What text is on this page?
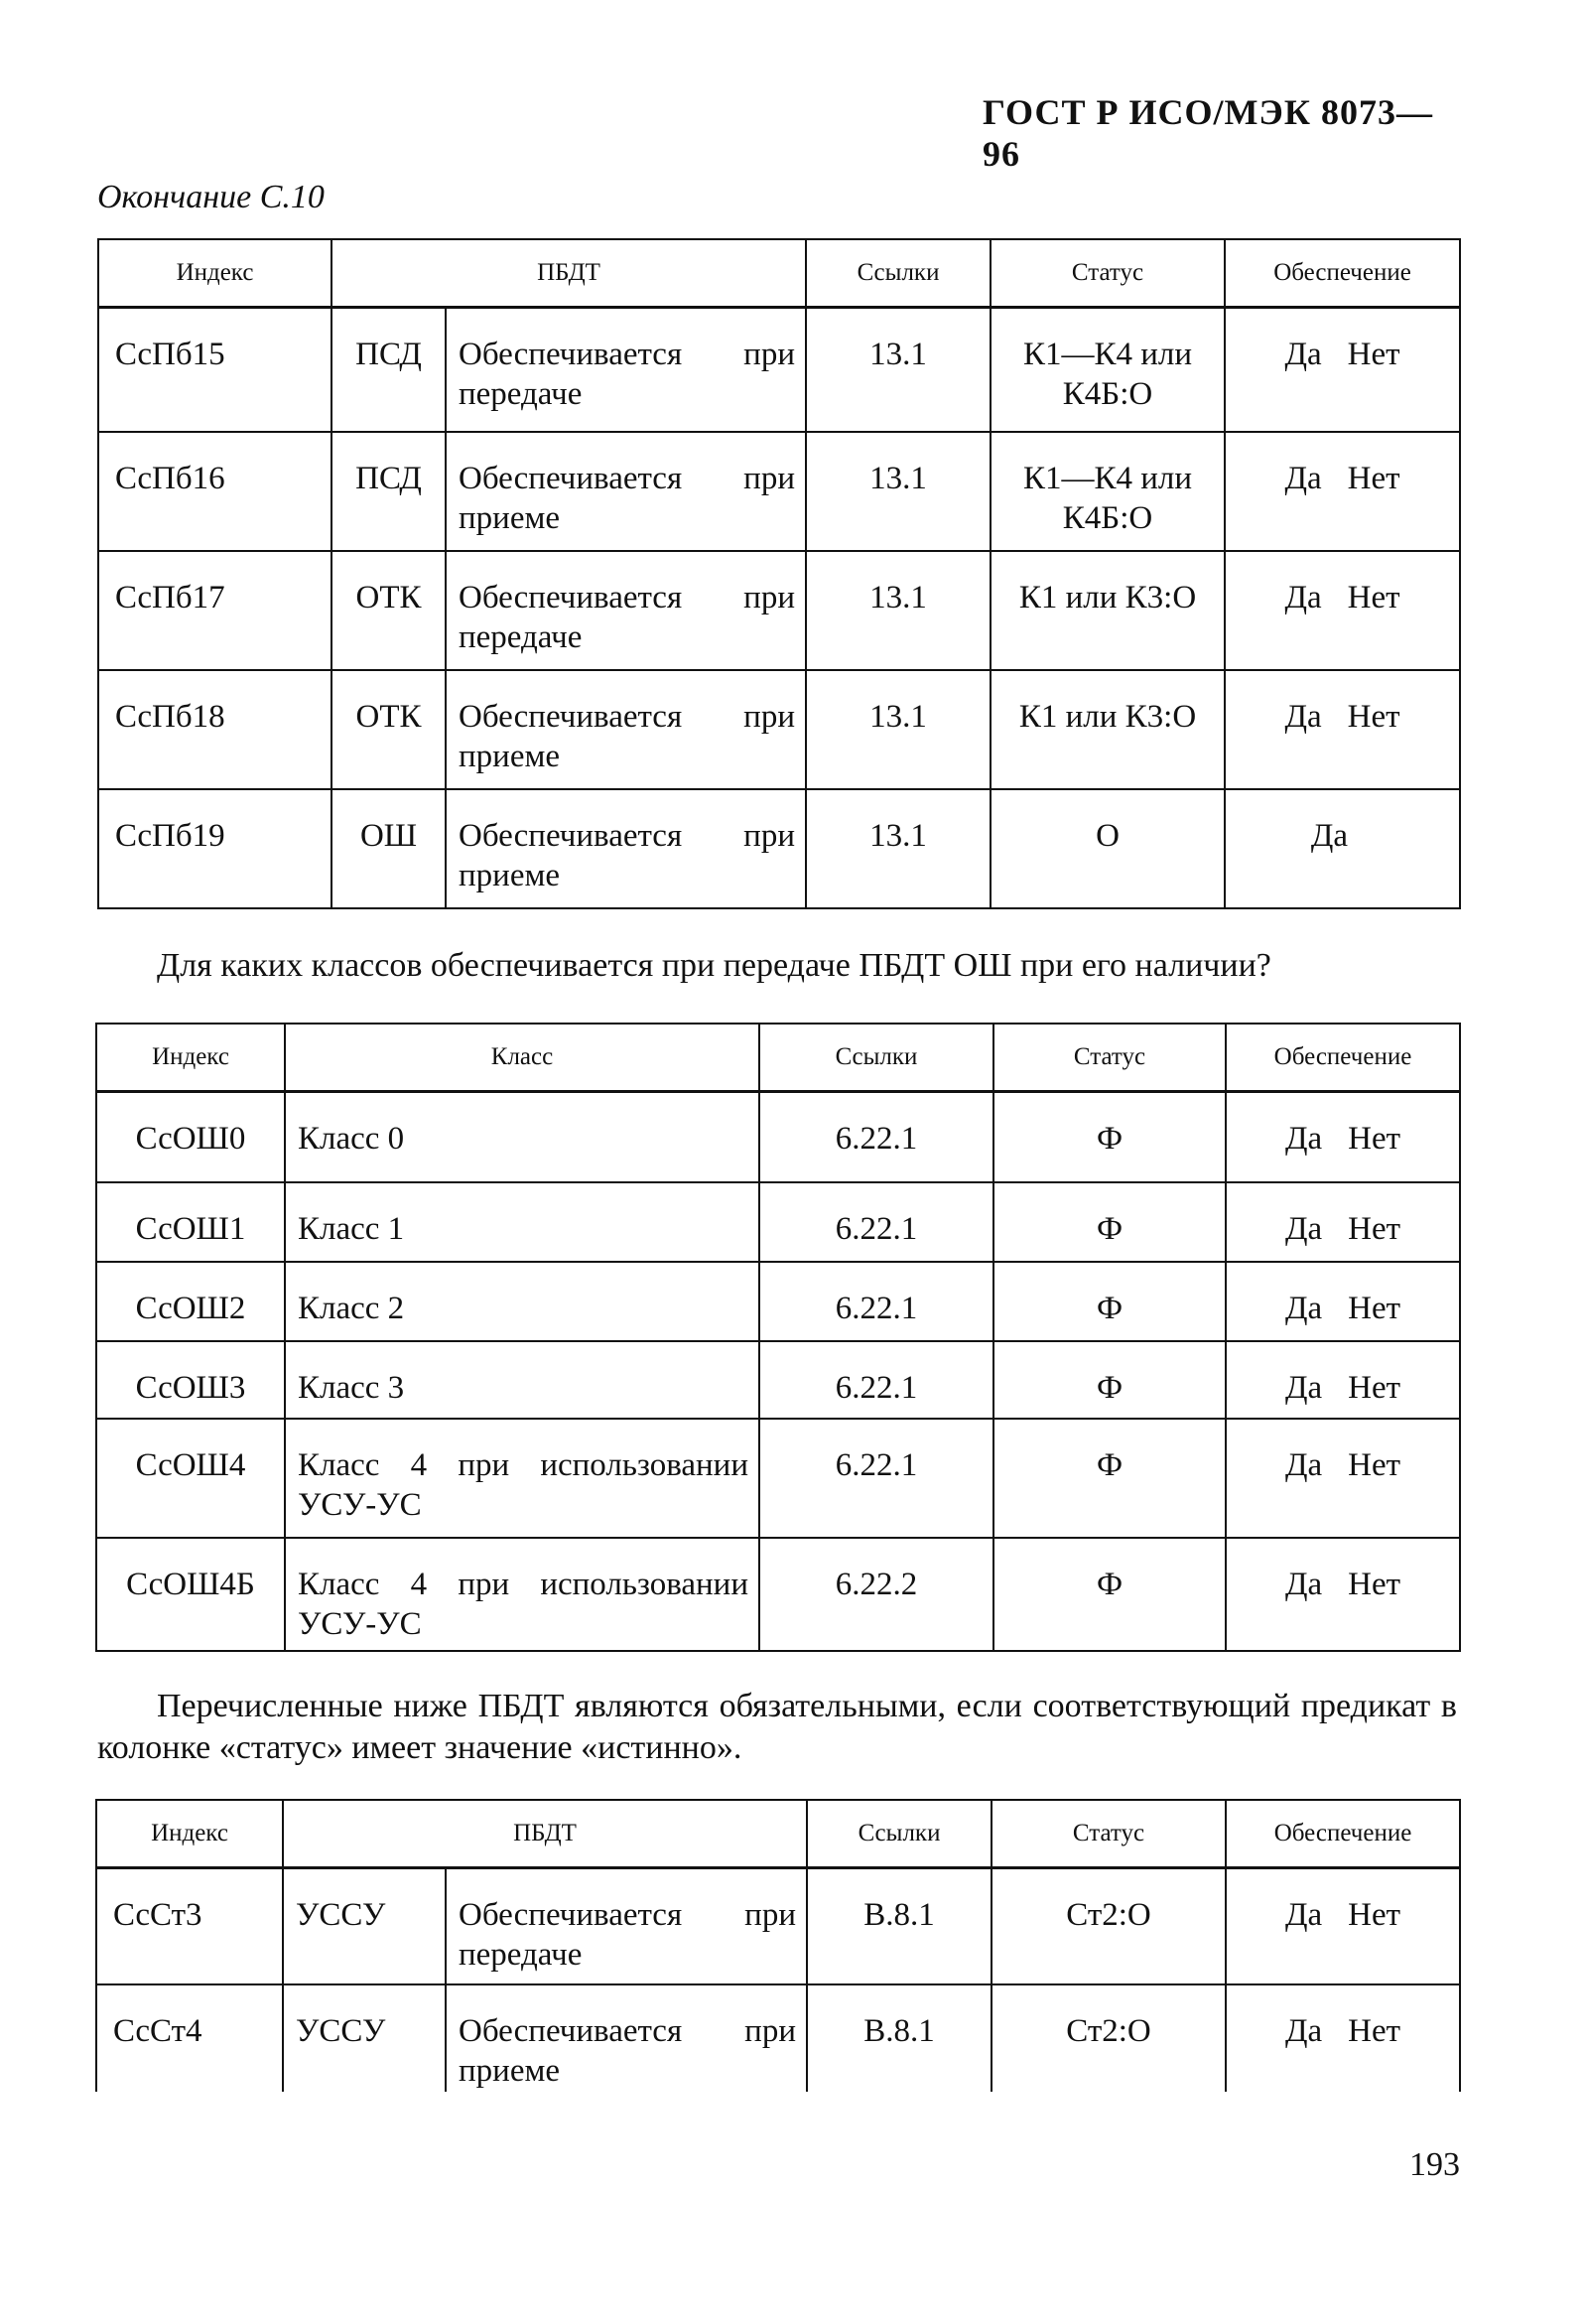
ГОСТ Р ИСО/МЭК 8073—96
Окончание С.10
Индекс	ПБДТ		Ссылки	Статус	Обеспечение
СсПб15	ПСД	Обеспечивается при передаче	13.1	К1—К4 или К4Б:О	Да Нет
СсПб16	ПСД	Обеспечивается при приеме	13.1	К1—К4 или К4Б:О	Да Нет
СсПб17	ОТК	Обеспечивается при передаче	13.1	К1 или К3:О	Да Нет
СсПб18	ОТК	Обеспечивается при приеме	13.1	К1 или К3:О	Да Нет
СсПб19	ОШ	Обеспечивается при приеме	13.1	О	Да
Для каких классов обеспечивается при передаче ПБДТ ОШ при его наличии?
Индекс	Класс	Ссылки	Статус	Обеспечение
СсОШ0	Класс 0	6.22.1	Ф	Да Нет
СсОШ1	Класс 1	6.22.1	Ф	Да Нет
СсОШ2	Класс 2	6.22.1	Ф	Да Нет
СсОШ3	Класс 3	6.22.1	Ф	Да Нет
СсОШ4	Класс 4 при использовании УСУ-УС	6.22.1	Ф	Да Нет
СсОШ4Б	Класс 4 при использовании УСУ-УС	6.22.2	Ф	Да Нет
Перечисленные ниже ПБДТ являются обязательными, если соответствующий предикат в колонке «статус» имеет значение «истинно».
Индекс	ПБДТ		Ссылки	Статус	Обеспечение
СсСт3	УССУ	Обеспечивается при передаче	В.8.1	Ст2:О	Да Нет
СсСт4	УССУ	Обеспечивается при приеме	В.8.1	Ст2:О	Да Нет
193
